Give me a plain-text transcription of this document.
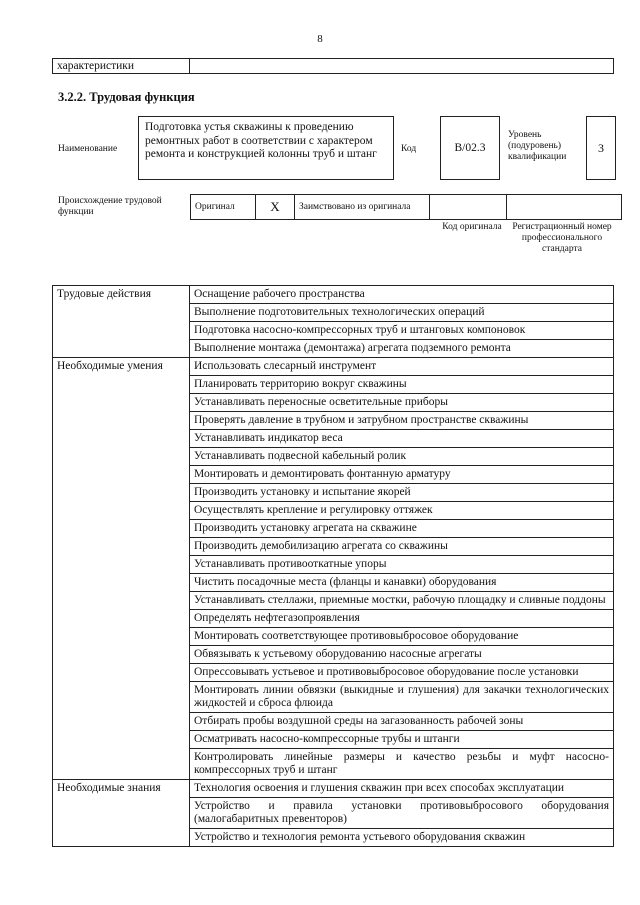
8
характеристики	
3.2.2. Трудовая функция
Наименование
Подготовка устья скважины к проведению ремонтных работ в соответствии с характером ремонта и конструкцией колонны труб и штанг	Код	B/02.3
Уровень (подуровень) квалификации
3
Происхождение трудовой функции	Оригинал	X	Заимствовано из оригинала		
Код оригинала	Регистрационный номер профессионального стандарта
Трудовые действия	Оснащение рабочего пространства
	Выполнение подготовительных технологических операций
	Подготовка насосно-компрессорных труб и штанговых компоновок
	Выполнение монтажа (демонтажа) агрегата подземного ремонта
Необходимые умения	Использовать слесарный инструмент
	Планировать территорию вокруг скважины
	Устанавливать переносные осветительные приборы
	Проверять давление в трубном и затрубном пространстве скважины
	Устанавливать индикатор веса
	Устанавливать подвесной кабельный ролик
	Монтировать и демонтировать фонтанную арматуру
	Производить установку и испытание якорей
	Осуществлять крепление и регулировку оттяжек
	Производить установку агрегата на скважине
	Производить демобилизацию агрегата со скважины
	Устанавливать противооткатные упоры
	Чистить посадочные места (фланцы и канавки) оборудования
	Устанавливать стеллажи, приемные мостки, рабочую площадку и сливные поддоны
	Определять нефтегазопроявления
	Монтировать соответствующее противовыбросовое оборудование
	Обвязывать к устьевому оборудованию насосные агрегаты
	Опрессовывать устьевое и противовыбросовое оборудование после установки
	Монтировать линии обвязки (выкидные и глушения) для закачки технологических жидкостей и сброса флюида
	Отбирать пробы воздушной среды на загазованность рабочей зоны
	Осматривать насосно-компрессорные трубы и штанги
	Контролировать линейные размеры и качество резьбы и муфт насосно-компрессорных труб и штанг
Необходимые знания	Технология освоения и глушения скважин при всех способах эксплуатации
	Устройство и правила установки противовыбросового оборудования (малогабаритных превенторов)
	Устройство и технология ремонта устьевого оборудования скважин
